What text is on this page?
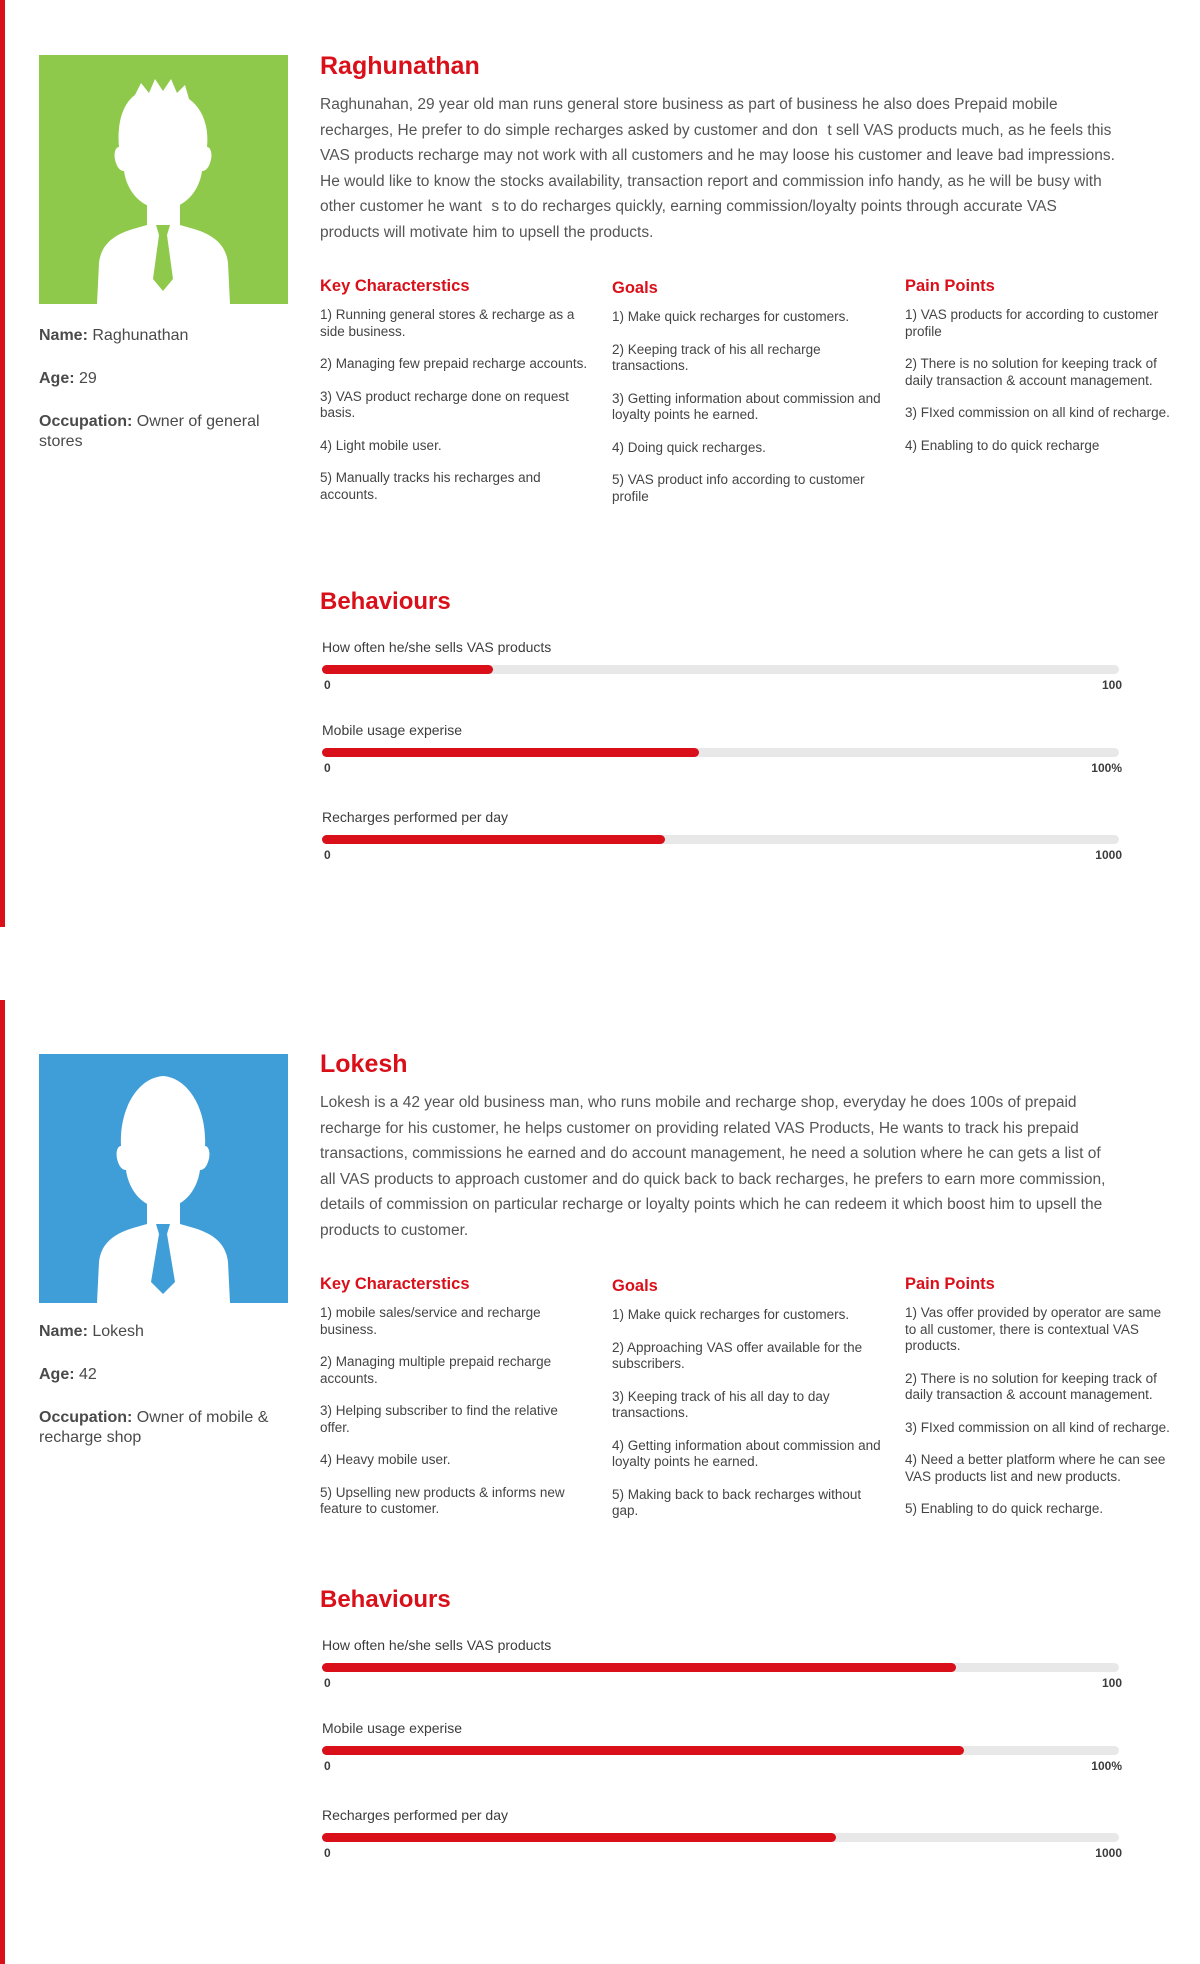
Name: Raghunathan
Age: 29
Occupation: Owner of general stores
Raghunathan

Raghunahan, 29 year old man runs general store business as part of business he also does Prepaid mobile recharges, He prefer to do simple recharges asked by customer and dont sell VAS products much, as he feels this VAS products recharge may not work with all customers and he may loose his customer and leave bad impressions. He would like to know the stocks availability, transaction report and commission info handy, as he will be busy with other customer he wants to do recharges quickly, earning commission/loyalty points through accurate VAS products will motivate him to upsell the products.

Key Characterstics
1) Running general stores & recharge as a side business.
2) Managing few prepaid recharge accounts.
3) VAS product recharge done on request basis.
4) Light mobile user.
5) Manually tracks his recharges and accounts.
Goals
1) Make quick recharges for customers.
2) Keeping track of his all recharge transactions.
3) Getting information about commission and loyalty points he earned.
4) Doing quick recharges.
5) VAS product info according to customer profile
Pain Points
1) VAS products for according to customer profile
2) There is no solution for keeping track of daily transaction & account management.
3) FIxed commission on all kind of recharge.
4) Enabling to do quick recharge
Behaviours
How often he/she sells VAS products
0	100
Mobile usage experise
0	100%
Recharges performed per day
0	1000
Name: Lokesh
Age: 42
Occupation: Owner of mobile & recharge shop
Lokesh

Lokesh is a 42 year old business man, who runs mobile and recharge shop, everyday he does 100s of prepaid recharge for his customer, he helps customer on providing related VAS Products, He wants to track his prepaid transactions, commissions he earned and do account management, he need a solution where he can gets a list of all VAS products to approach customer and do quick back to back recharges, he prefers to earn more commission, details of commission on particular recharge or loyalty points which he can redeem it which boost him to upsell the products to customer.

Key Characterstics
1) mobile sales/service and recharge business.
2) Managing multiple prepaid recharge accounts.
3) Helping subscriber to find the relative offer.
4) Heavy mobile user.
5) Upselling new products & informs new feature to customer.
Goals
1) Make quick recharges for customers.
2) Approaching VAS offer available for the subscribers.
3) Keeping track of his all day to day transactions.
4) Getting information about commission and loyalty points he earned.
5) Making back to back recharges without gap.
Pain Points
1) Vas offer provided by operator are same to all customer, there is contextual VAS products.
2) There is no solution for keeping track of daily transaction & account management.
3) FIxed commission on all kind of recharge.
4) Need a better platform where he can see VAS products list and new products.
5) Enabling to do quick recharge.
Behaviours
How often he/she sells VAS products
0	100
Mobile usage experise
0	100%
Recharges performed per day
0	1000
